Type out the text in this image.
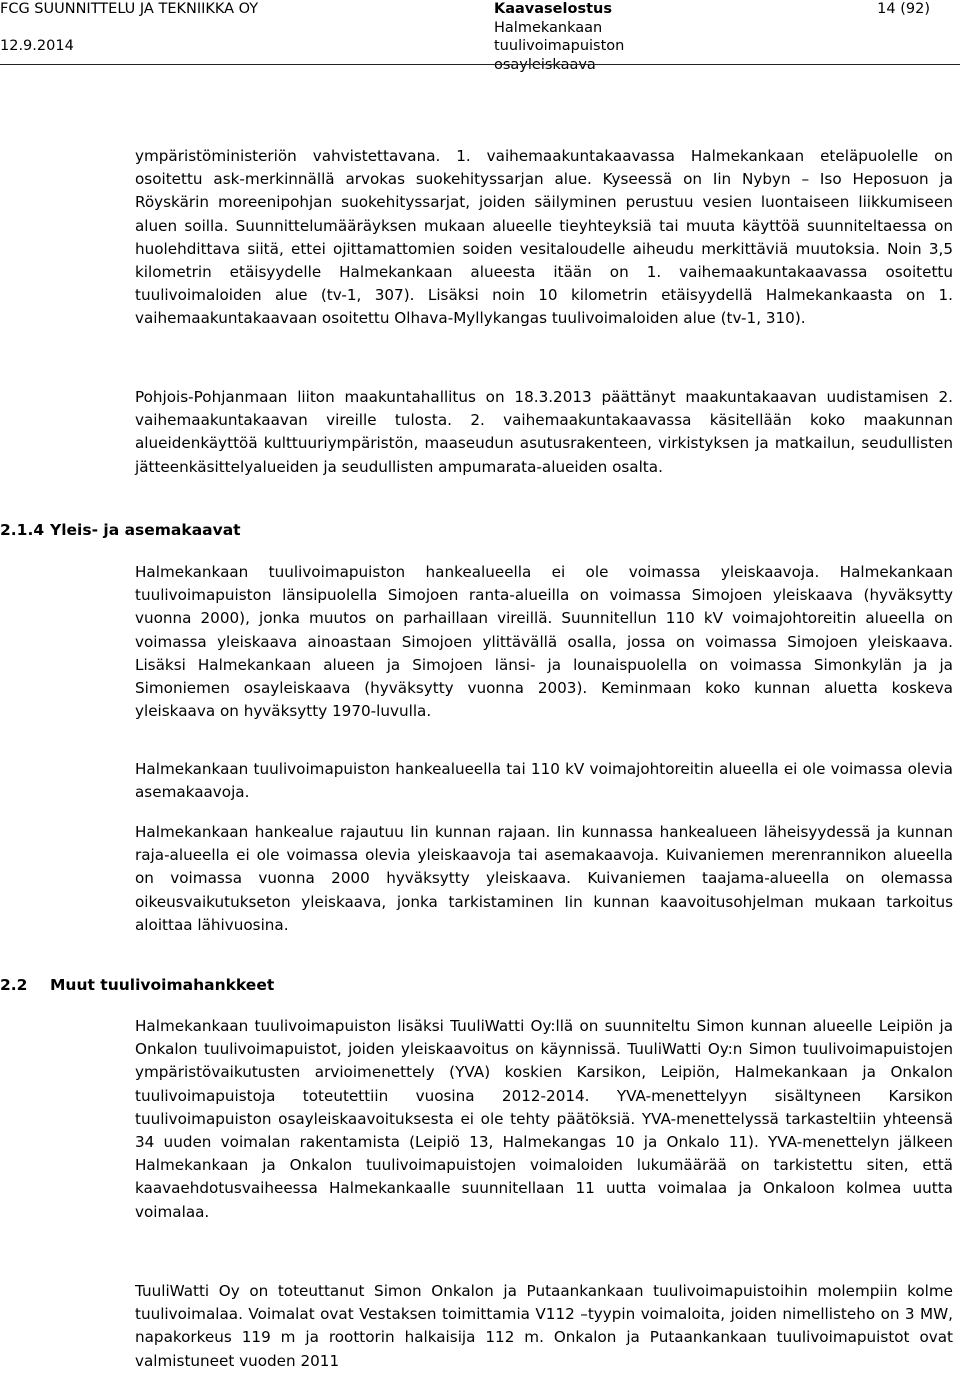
FCG SUUNNITTELU JA TEKNIIKKA OY
12.9.2014
Kaavaselostus
Halmekankaan
tuulivoimapuiston
osayleiskaava
14 (92)

ympäristöministeriön vahvistettavana. 1. vaihemaakuntakaavassa Halmekankaan eteläpuolelle on osoitettu ask-merkinnällä arvokas suokehityssarjan alue. Kyseessä on Iin Nybyn – Iso Heposuon ja Röyskärin moreenipohjan suokehityssarjat, joiden säilyminen perustuu vesien luontaiseen liikkumiseen aluen soilla. Suunnittelumääräyksen mukaan alueelle tieyhteyksiä tai muuta käyttöä suunniteltaessa on huolehdittava siitä, ettei ojittamattomien soiden vesitaloudelle aiheudu merkittäviä muutoksia. Noin 3,5 kilometrin etäisyydelle Halmekankaan alueesta itään on 1. vaihemaakuntakaavassa osoitettu tuulivoimaloiden alue (tv-1, 307). Lisäksi noin 10 kilometrin etäisyydellä Halmekankaasta on 1. vaihemaakuntakaavaan osoitettu Olhava-Myllykangas tuulivoimaloiden alue (tv-1, 310).

Pohjois-Pohjanmaan liiton maakuntahallitus on 18.3.2013 päättänyt maakuntakaavan uudistamisen 2. vaihemaakuntakaavan vireille tulosta. 2. vaihemaakuntakaavassa käsitellään koko maakunnan alueidenkäyttöä kulttuuriympäristön, maaseudun asutusrakenteen, virkistyksen ja matkailun, seudullisten jätteenkäsittelyalueiden ja seudullisten ampumarata-alueiden osalta.

2.1.4 Yleis- ja asemakaavat

Halmekankaan tuulivoimapuiston hankealueella ei ole voimassa yleiskaavoja. Halmekankaan tuulivoimapuiston länsipuolella Simojoen ranta-alueilla on voimassa Simojoen yleiskaava (hyväksytty vuonna 2000), jonka muutos on parhaillaan vireillä. Suunnitellun 110 kV voimajohtoreitin alueella on voimassa yleiskaava ainoastaan Simojoen ylittävällä osalla, jossa on voimassa Simojoen yleiskaava. Lisäksi Halmekankaan alueen ja Simojoen länsi- ja lounaispuolella on voimassa Simonkylän ja ja Simoniemen osayleiskaava (hyväksytty vuonna 2003). Keminmaan koko kunnan aluetta koskeva yleiskaava on hyväksytty 1970-luvulla.

Halmekankaan tuulivoimapuiston hankealueella tai 110 kV voimajohtoreitin alueella ei ole voimassa olevia asemakaavoja.

Halmekankaan hankealue rajautuu Iin kunnan rajaan. Iin kunnassa hankealueen läheisyydessä ja kunnan raja-alueella ei ole voimassa olevia yleiskaavoja tai asemakaavoja. Kuivaniemen merenrannikon alueella on voimassa vuonna 2000 hyväksytty yleiskaava. Kuivaniemen taajama-alueella on olemassa oikeusvaikutukseton yleiskaava, jonka tarkistaminen Iin kunnan kaavoitusohjelman mukaan tarkoitus aloittaa lähivuosina.

2.2 Muut tuulivoimahankkeet

Halmekankaan tuulivoimapuiston lisäksi TuuliWatti Oy:llä on suunniteltu Simon kunnan alueelle Leipiön ja Onkalon tuulivoimapuistot, joiden yleiskaavoitus on käynnissä. TuuliWatti Oy:n Simon tuulivoimapuistojen ympäristövaikutusten arvioimenettely (YVA) koskien Karsikon, Leipiön, Halmekankaan ja Onkalon tuulivoimapuistoja toteutettiin vuosina 2012-2014. YVA-menettelyyn sisältyneen Karsikon tuulivoimapuiston osayleiskaavoituksesta ei ole tehty päätöksiä. YVA-menettelyssä tarkasteltiin yhteensä 34 uuden voimalan rakentamista (Leipiö 13, Halmekangas 10 ja Onkalo 11). YVA-menettelyn jälkeen Halmekankaan ja Onkalon tuulivoimapuistojen voimaloiden lukumäärää on tarkistettu siten, että kaavaehdotusvaiheessa Halmekankaalle suunnitellaan 11 uutta voimalaa ja Onkaloon kolmea uutta voimalaa.

TuuliWatti Oy on toteuttanut Simon Onkalon ja Putaankankaan tuulivoimapuistoihin molempiin kolme tuulivoimalaa. Voimalat ovat Vestaksen toimittamia V112 –tyypin voimaloita, joiden nimellisteho on 3 MW, napakorkeus 119 m ja roottorin halkaisija 112 m. Onkalon ja Putaankankaan tuulivoimapuistot ovat valmistuneet vuoden 2011
